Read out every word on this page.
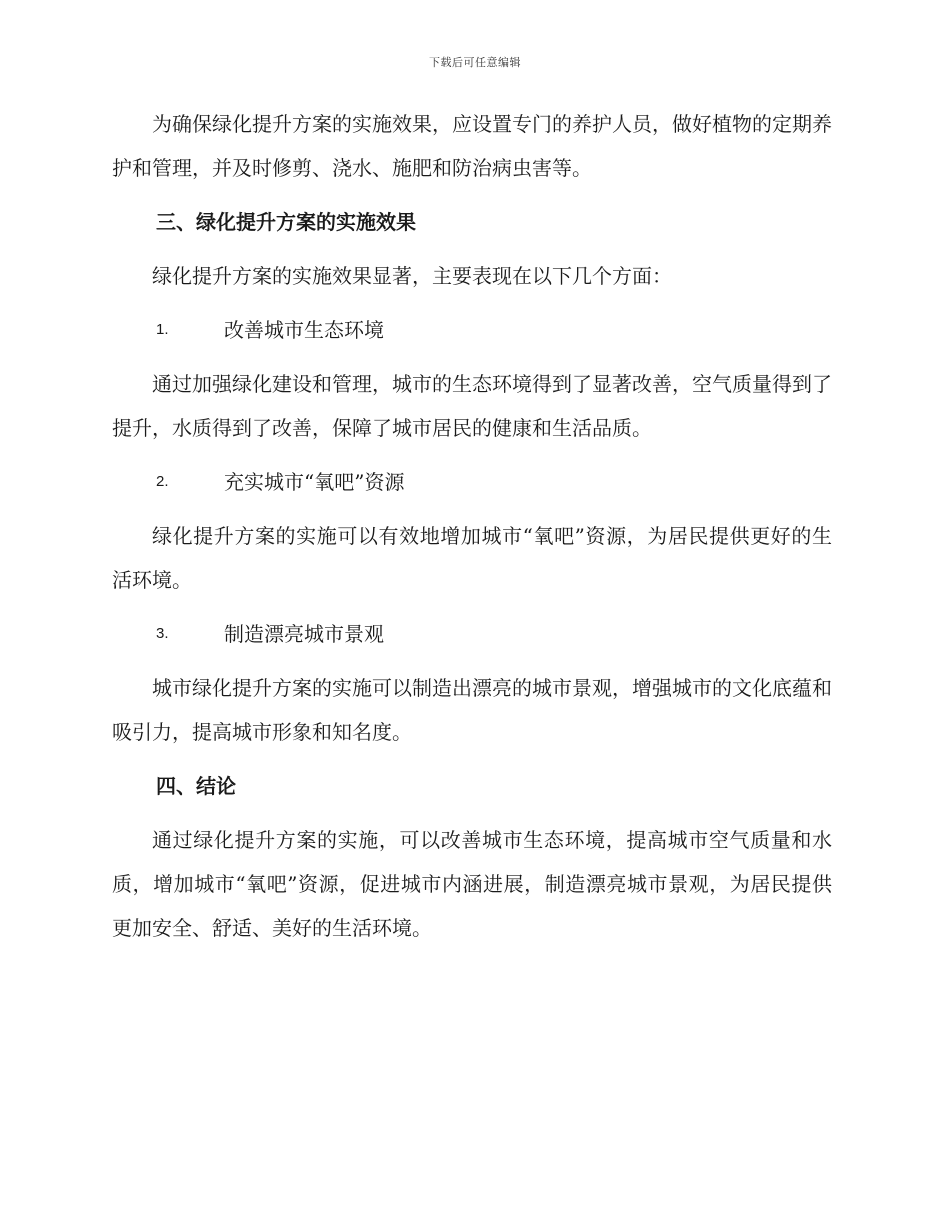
下载后可任意编辑

为确保绿化提升方案的实施效果，应设置专门的养护人员，做好植物的定期养护和管理，并及时修剪、浇水、施肥和防治病虫害等。

三、绿化提升方案的实施效果

绿化提升方案的实施效果显著，主要表现在以下几个方面：

1.	改善城市生态环境

通过加强绿化建设和管理，城市的生态环境得到了显著改善，空气质量得到了提升，水质得到了改善，保障了城市居民的健康和生活品质。

2.	充实城市“氧吧”资源

绿化提升方案的实施可以有效地增加城市“氧吧”资源，为居民提供更好的生活环境。

3.	制造漂亮城市景观

城市绿化提升方案的实施可以制造出漂亮的城市景观，增强城市的文化底蕴和吸引力，提高城市形象和知名度。

四、结论

通过绿化提升方案的实施，可以改善城市生态环境，提高城市空气质量和水质，增加城市“氧吧”资源，促进城市内涵进展，制造漂亮城市景观，为居民提供更加安全、舒适、美好的生活环境。
